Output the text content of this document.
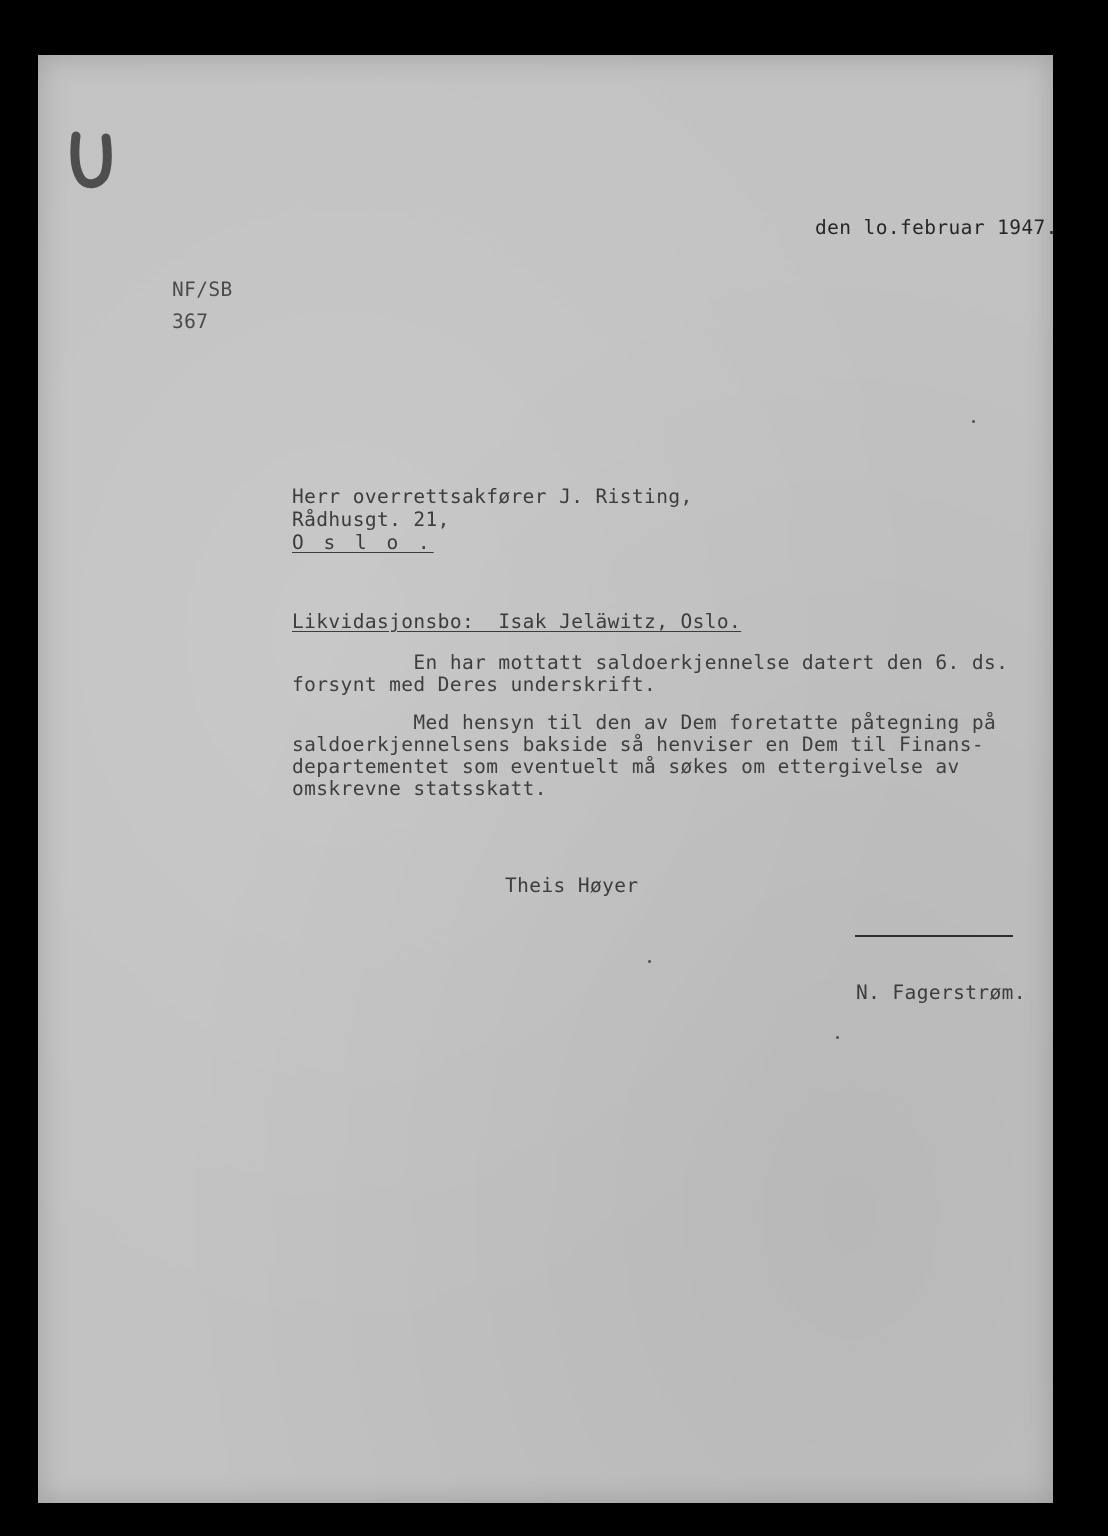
den lo.februar 1947.
NF/SB
367
Herr overrettsakfører J. Risting,
Rådhusgt. 21,
O s l o .
Likvidasjonsbo:  Isak Jeläwitz, Oslo.
En har mottatt saldoerkjennelse datert den 6. ds.
forsynt med Deres underskrift.
Med hensyn til den av Dem foretatte påtegning på
saldoerkjennelsens bakside så henviser en Dem til Finans-
departementet som eventuelt må søkes om ettergivelse av
omskrevne statsskatt.
Theis Høyer
N. Fagerstrøm.
